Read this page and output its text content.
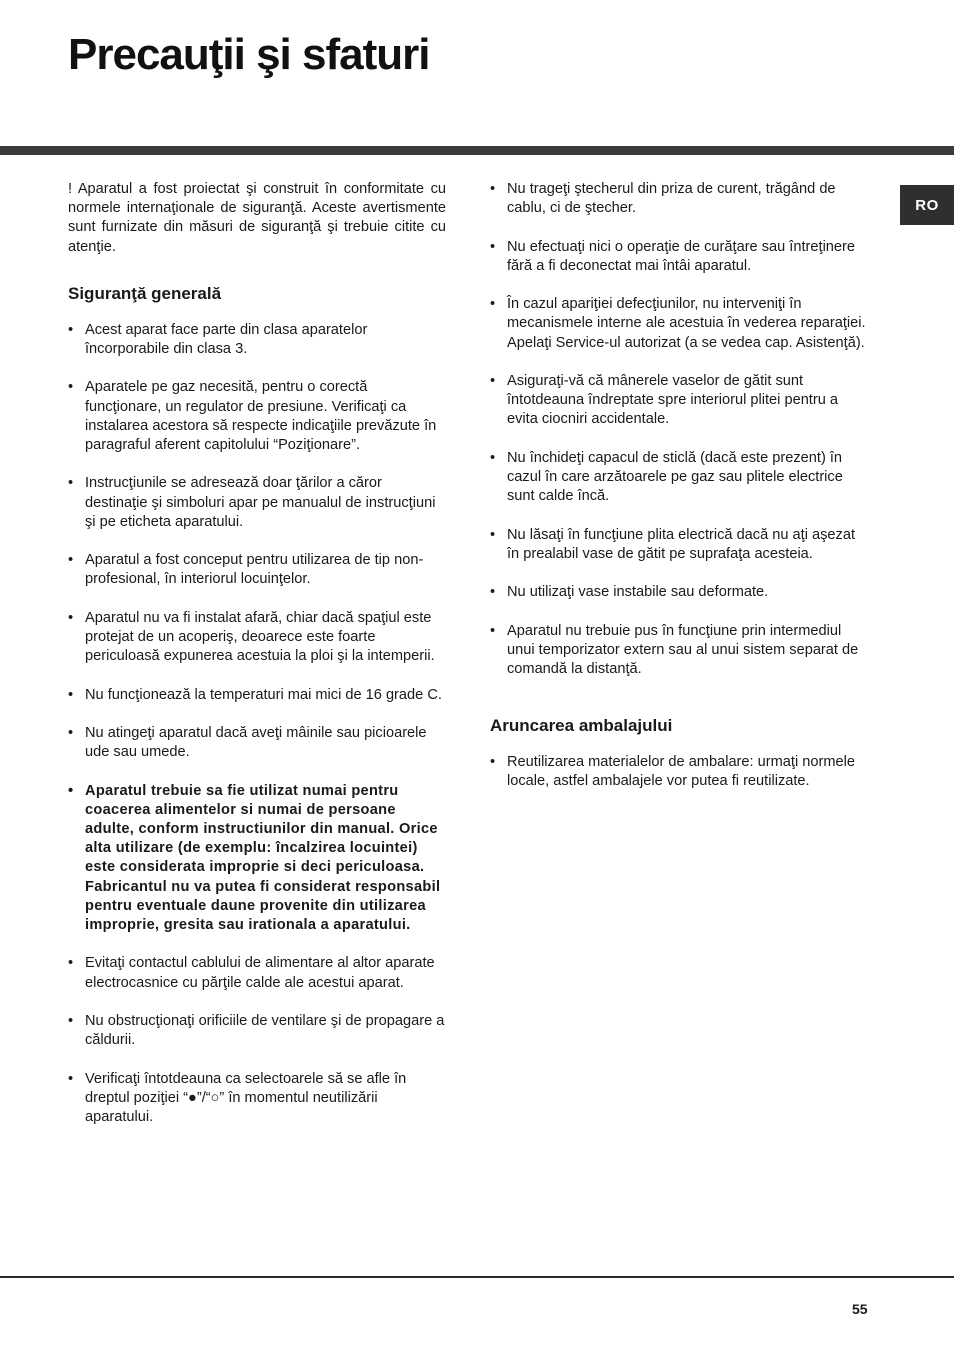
Precauţii şi sfaturi
RO

! Aparatul a fost proiectat şi construit în conformitate cu normele internaţionale de siguranţă. Aceste avertismente sunt furnizate din măsuri de siguranţă şi trebuie citite cu atenţie.

Siguranţă generală
• Acest aparat face parte din clasa aparatelor încorporabile din clasa 3.
• Aparatele pe gaz necesită, pentru o corectă funcţionare, un regulator de presiune. Verificaţi ca instalarea acestora să respecte indicaţiile prevăzute în paragraful aferent capitolului “Poziţionare”.
• Instrucţiunile se adresează doar ţărilor a căror destinaţie şi simboluri apar pe manualul de instrucţiuni şi pe eticheta aparatului.
• Aparatul a fost conceput pentru utilizarea de tip non-profesional, în interiorul locuinţelor.
• Aparatul nu va fi instalat afară, chiar dacă spaţiul este protejat de un acoperiş, deoarece este foarte periculoasă expunerea acestuia la ploi şi la intemperii.
• Nu funcţionează la temperaturi mai mici de 16 grade C.
• Nu atingeţi aparatul dacă aveţi mâinile sau picioarele ude sau umede.
• Aparatul trebuie sa fie utilizat numai pentru coacerea alimentelor si numai de persoane adulte, conform instructiunilor din manual. Orice alta utilizare (de exemplu: încalzirea locuintei) este considerata improprie si deci periculoasa. Fabricantul nu va putea fi considerat responsabil pentru eventuale daune provenite din utilizarea improprie, gresita sau irationala a aparatului.
• Evitaţi contactul cablului de alimentare al altor aparate electrocasnice cu părţile calde ale acestui aparat.
• Nu obstrucţionaţi orificiile de ventilare şi de propagare a căldurii.
• Verificaţi întotdeauna ca selectoarele să se afle în dreptul poziţiei “●”/“○” în momentul neutilizării aparatului.
• Nu trageţi ştecherul din priza de curent, trăgând de cablu, ci de ştecher.
• Nu efectuaţi nici o operaţie de curăţare sau întreţinere fără a fi deconectat mai întâi aparatul.
• În cazul apariţiei defecţiunilor, nu interveniţi în mecanismele interne ale acestuia în vederea reparaţiei. Apelaţi Service-ul autorizat (a se vedea cap. Asistenţă).
• Asiguraţi-vă că mânerele vaselor de gătit sunt întotdeauna îndreptate spre interiorul plitei pentru a evita ciocniri accidentale.
• Nu închideţi capacul de sticlă (dacă este prezent) în cazul în care arzătoarele pe gaz sau plitele electrice sunt calde încă.
• Nu lăsaţi în funcţiune plita electrică dacă nu aţi aşezat în prealabil vase de gătit pe suprafaţa acesteia.
• Nu utilizaţi vase instabile sau deformate.
• Aparatul nu trebuie pus în funcţiune prin intermediul unui temporizator extern sau al unui sistem separat de comandă la distanţă.
Aruncarea ambalajului
• Reutilizarea materialelor de ambalare: urmaţi normele locale, astfel ambalajele vor putea fi reutilizate.
55
